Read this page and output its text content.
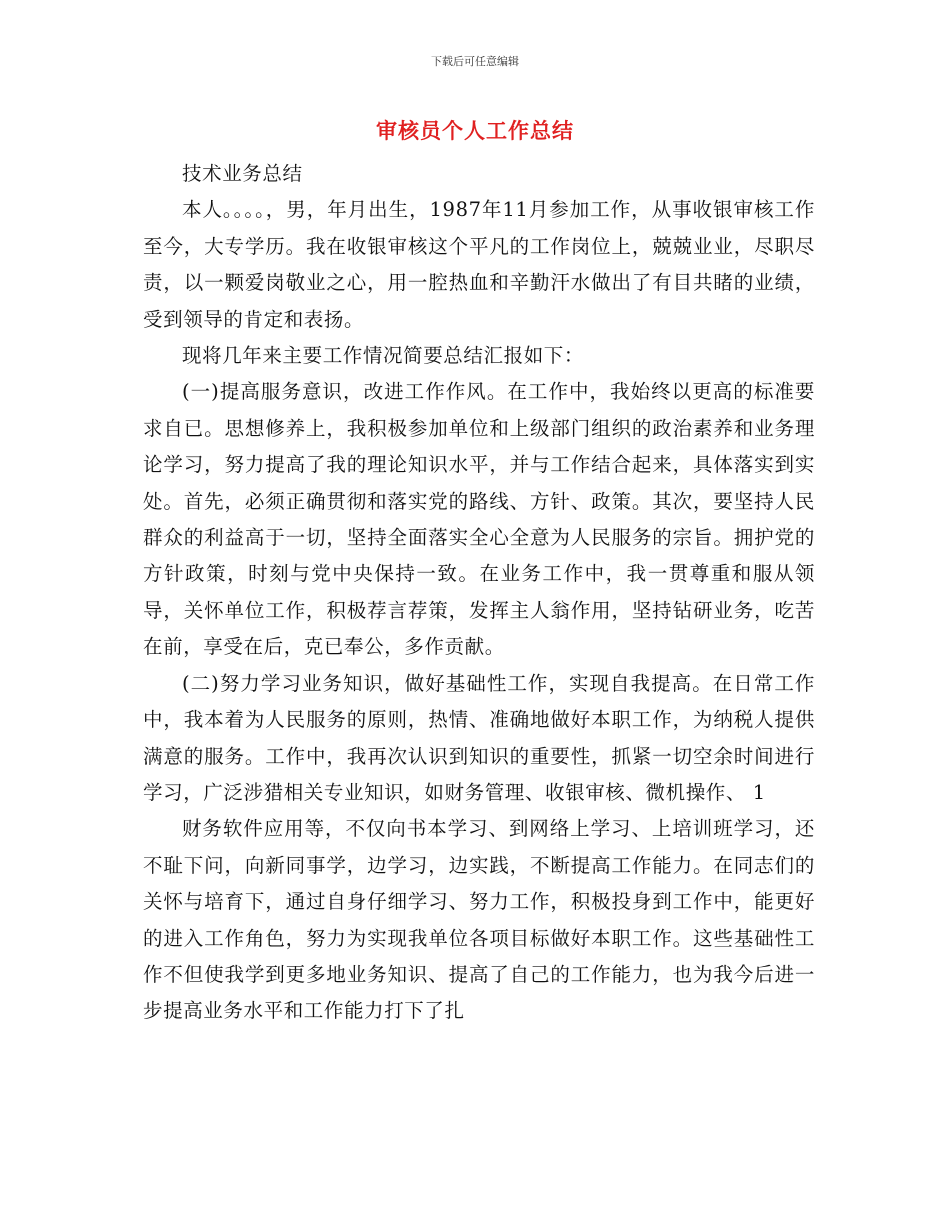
下载后可任意编辑
审核员个人工作总结

技术业务总结

本人。。。。，男，年月出生，1987年11月参加工作，从事收银审核工作至今，大专学历。我在收银审核这个平凡的工作岗位上，兢兢业业，尽职尽责，以一颗爱岗敬业之心，用一腔热血和辛勤汗水做出了有目共睹的业绩，受到领导的肯定和表扬。

现将几年来主要工作情况简要总结汇报如下：

(一)提高服务意识，改进工作作风。在工作中，我始终以更高的标准要求自已。思想修养上，我积极参加单位和上级部门组织的政治素养和业务理论学习，努力提高了我的理论知识水平，并与工作结合起来，具体落实到实处。首先，必须正确贯彻和落实党的路线、方针、政策。其次，要坚持人民群众的利益高于一切，坚持全面落实全心全意为人民服务的宗旨。拥护党的方针政策，时刻与党中央保持一致。在业务工作中，我一贯尊重和服从领导，关怀单位工作，积极荐言荐策，发挥主人翁作用，坚持钻研业务，吃苦在前，享受在后，克已奉公，多作贡献。

(二)努力学习业务知识，做好基础性工作，实现自我提高。在日常工作中，我本着为人民服务的原则，热情、准确地做好本职工作，为纳税人提供满意的服务。工作中，我再次认识到知识的重要性，抓紧一切空余时间进行学习，广泛涉猎相关专业知识，如财务管理、收银审核、微机操作、 1

财务软件应用等，不仅向书本学习、到网络上学习、上培训班学习，还不耻下问，向新同事学，边学习，边实践，不断提高工作能力。在同志们的关怀与培育下，通过自身仔细学习、努力工作，积极投身到工作中，能更好的进入工作角色，努力为实现我单位各项目标做好本职工作。这些基础性工作不但使我学到更多地业务知识、提高了自己的工作能力，也为我今后进一步提高业务水平和工作能力打下了扎
